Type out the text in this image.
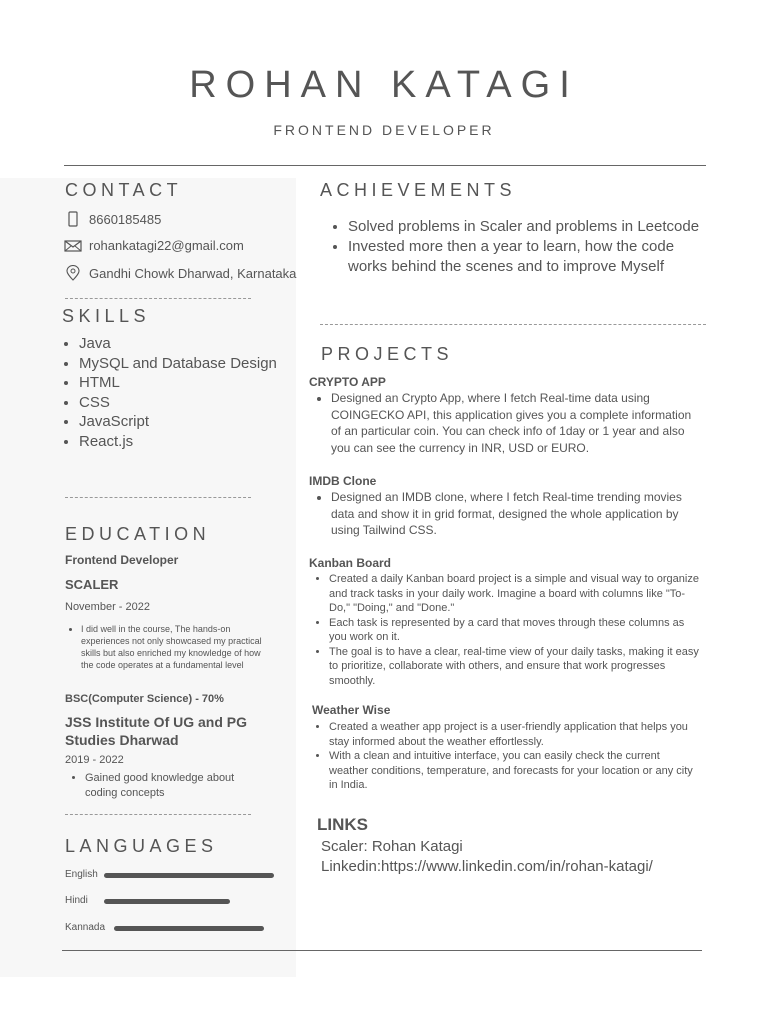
ROHAN KATAGI
FRONTEND DEVELOPER
CONTACT
8660185485
rohankatagi22@gmail.com
Gandhi Chowk Dharwad, Karnataka
SKILLS
• Java
• MySQL and Database Design
• HTML
• CSS
• JavaScript
• React.js
EDUCATION
Frontend Developer
SCALER
November - 2022
• I did well in the course, The hands-on experiences not only showcased my practical skills but also enriched my knowledge of how the code operates at a fundamental level
BSC(Computer Science) - 70%
JSS Institute Of UG and PG Studies Dharwad
2019 - 2022
• Gained good knowledge about coding concepts
LANGUAGES
English
Hindi
Kannada
ACHIEVEMENTS
• Solved problems in Scaler and problems in Leetcode
• Invested more then a year to learn, how the code works behind the scenes and to improve Myself
PROJECTS
CRYPTO APP
• Designed an Crypto App, where I fetch Real-time data using COINGECKO API, this application gives you a complete information of an particular coin. You can check info of 1day or 1 year and also you can see the currency in INR, USD or EURO.
IMDB Clone
• Designed an IMDB clone, where I fetch Real-time trending movies data and show it in grid format, designed the whole application by using Tailwind CSS.
Kanban Board
• Created a daily Kanban board project is a simple and visual way to organize and track tasks in your daily work. Imagine a board with columns like "To-Do," "Doing," and "Done."
• Each task is represented by a card that moves through these columns as you work on it.
• The goal is to have a clear, real-time view of your daily tasks, making it easy to prioritize, collaborate with others, and ensure that work progresses smoothly.
Weather Wise
• Created a weather app project is a user-friendly application that helps you stay informed about the weather effortlessly.
• With a clean and intuitive interface, you can easily check the current weather conditions, temperature, and forecasts for your location or any city in India.
LINKS
Scaler: Rohan Katagi
Linkedin:https://www.linkedin.com/in/rohan-katagi/
